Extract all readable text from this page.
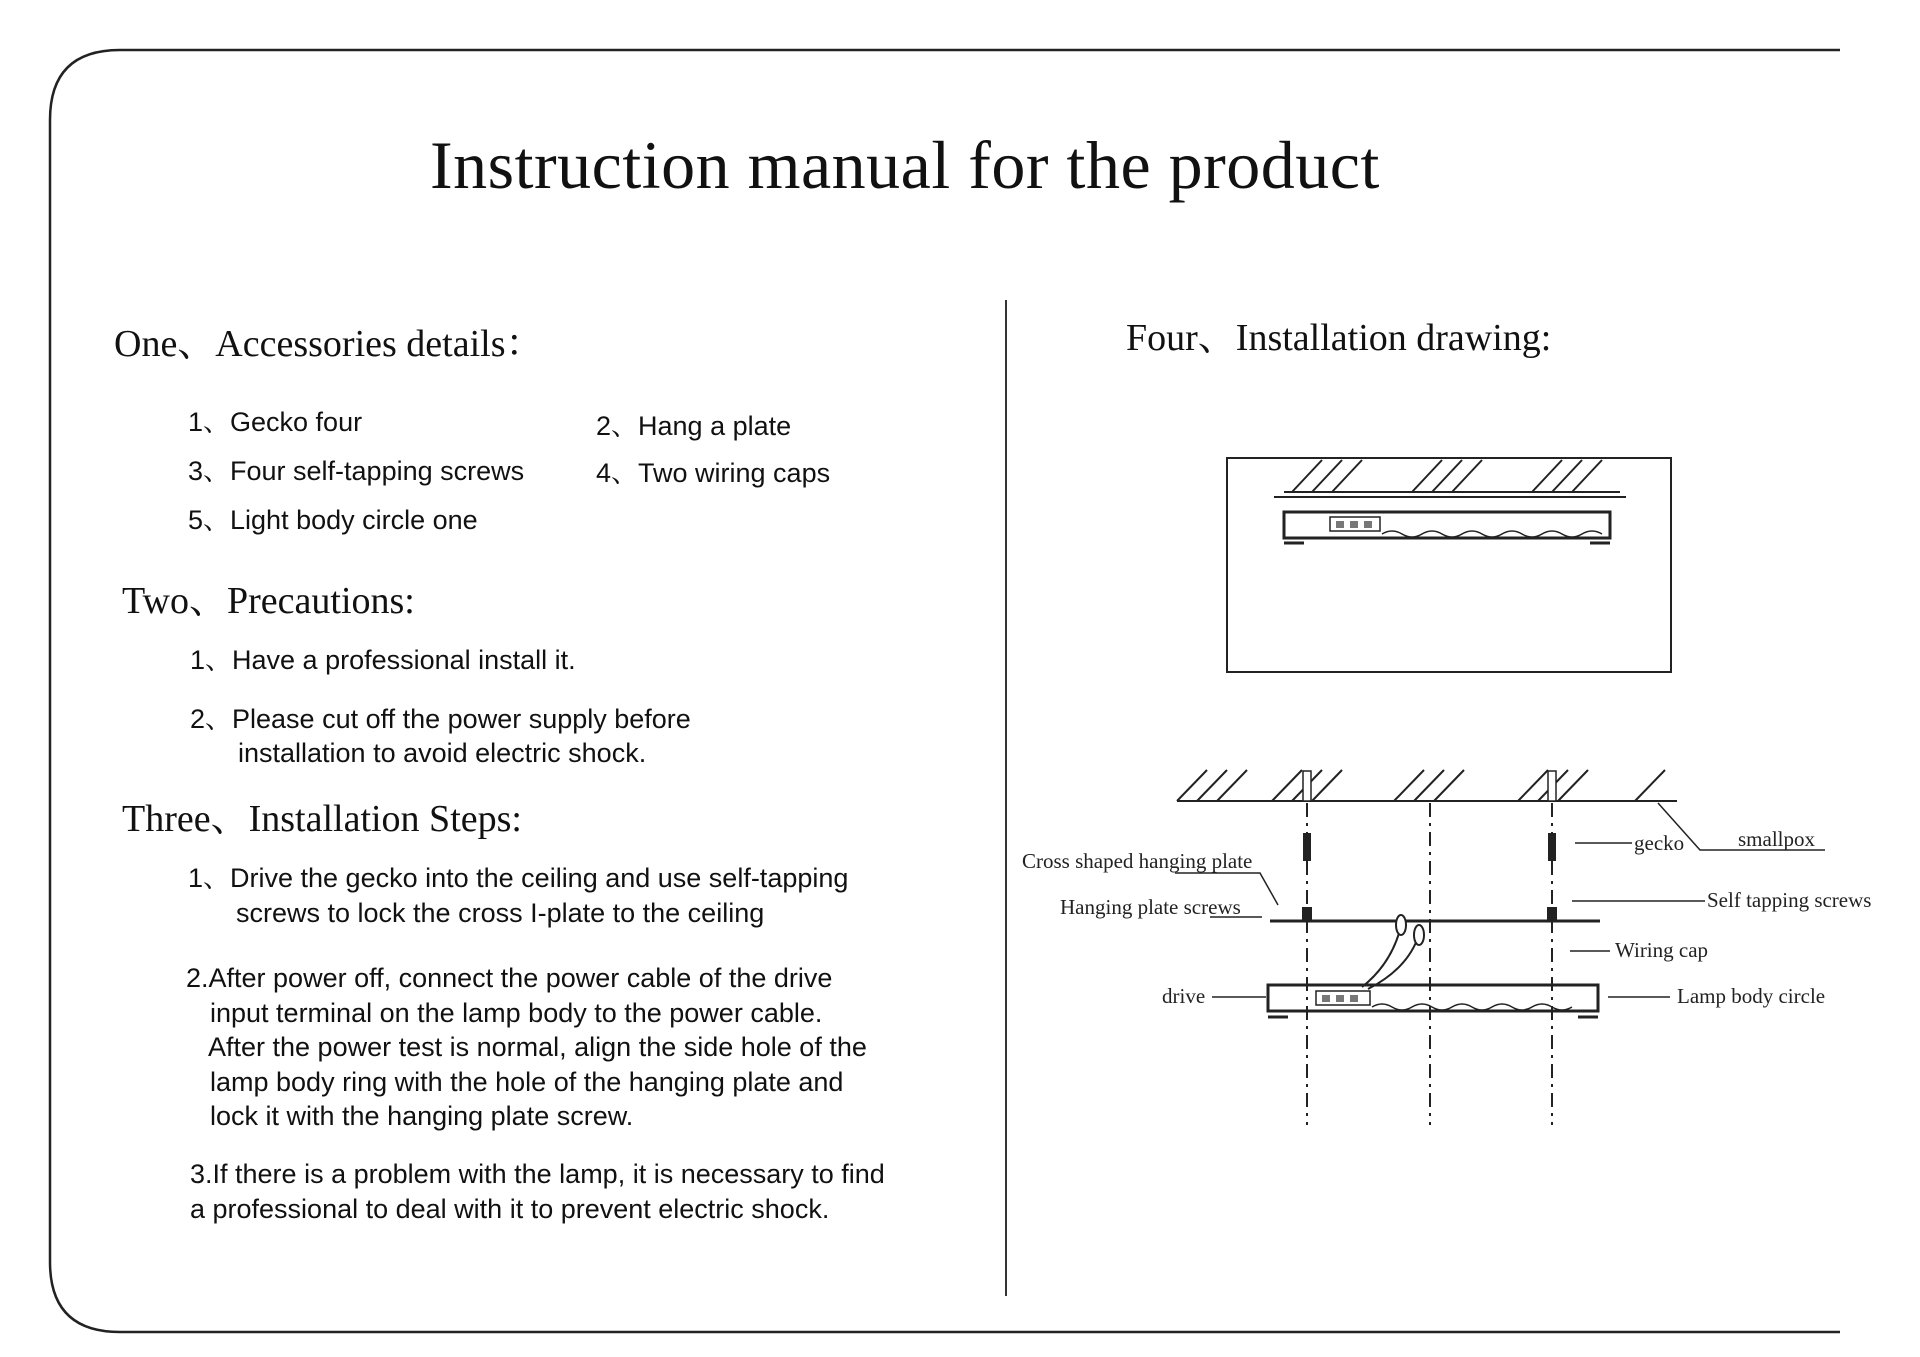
Instruction manual for the product
One、Accessories details：
1、Gecko four	2、Hang a plate
3、Four self-tapping screws	4、Two wiring caps
5、Light body circle one
Two、Precautions:
1、Have a professional install it.
2、Please cut off the power supply before
installation to avoid electric shock.
Three、Installation Steps:
1、Drive the gecko into the ceiling and use self-tapping
screws to lock the cross I-plate to the ceiling
2.After power off, connect the power cable of the drive
input terminal on the lamp body to the power cable.
After the power test is normal, align the side hole of the
lamp body ring with the hole of the hanging plate and
lock it with the hanging plate screw.
3.If there is a problem with the lamp, it is necessary to find
a professional to deal with it to prevent electric shock.
Four、Installation drawing:
gecko	smallpox
Cross shaped hanging plate
Hanging plate screws	Self tapping screws
Wiring cap
drive	Lamp body circle
